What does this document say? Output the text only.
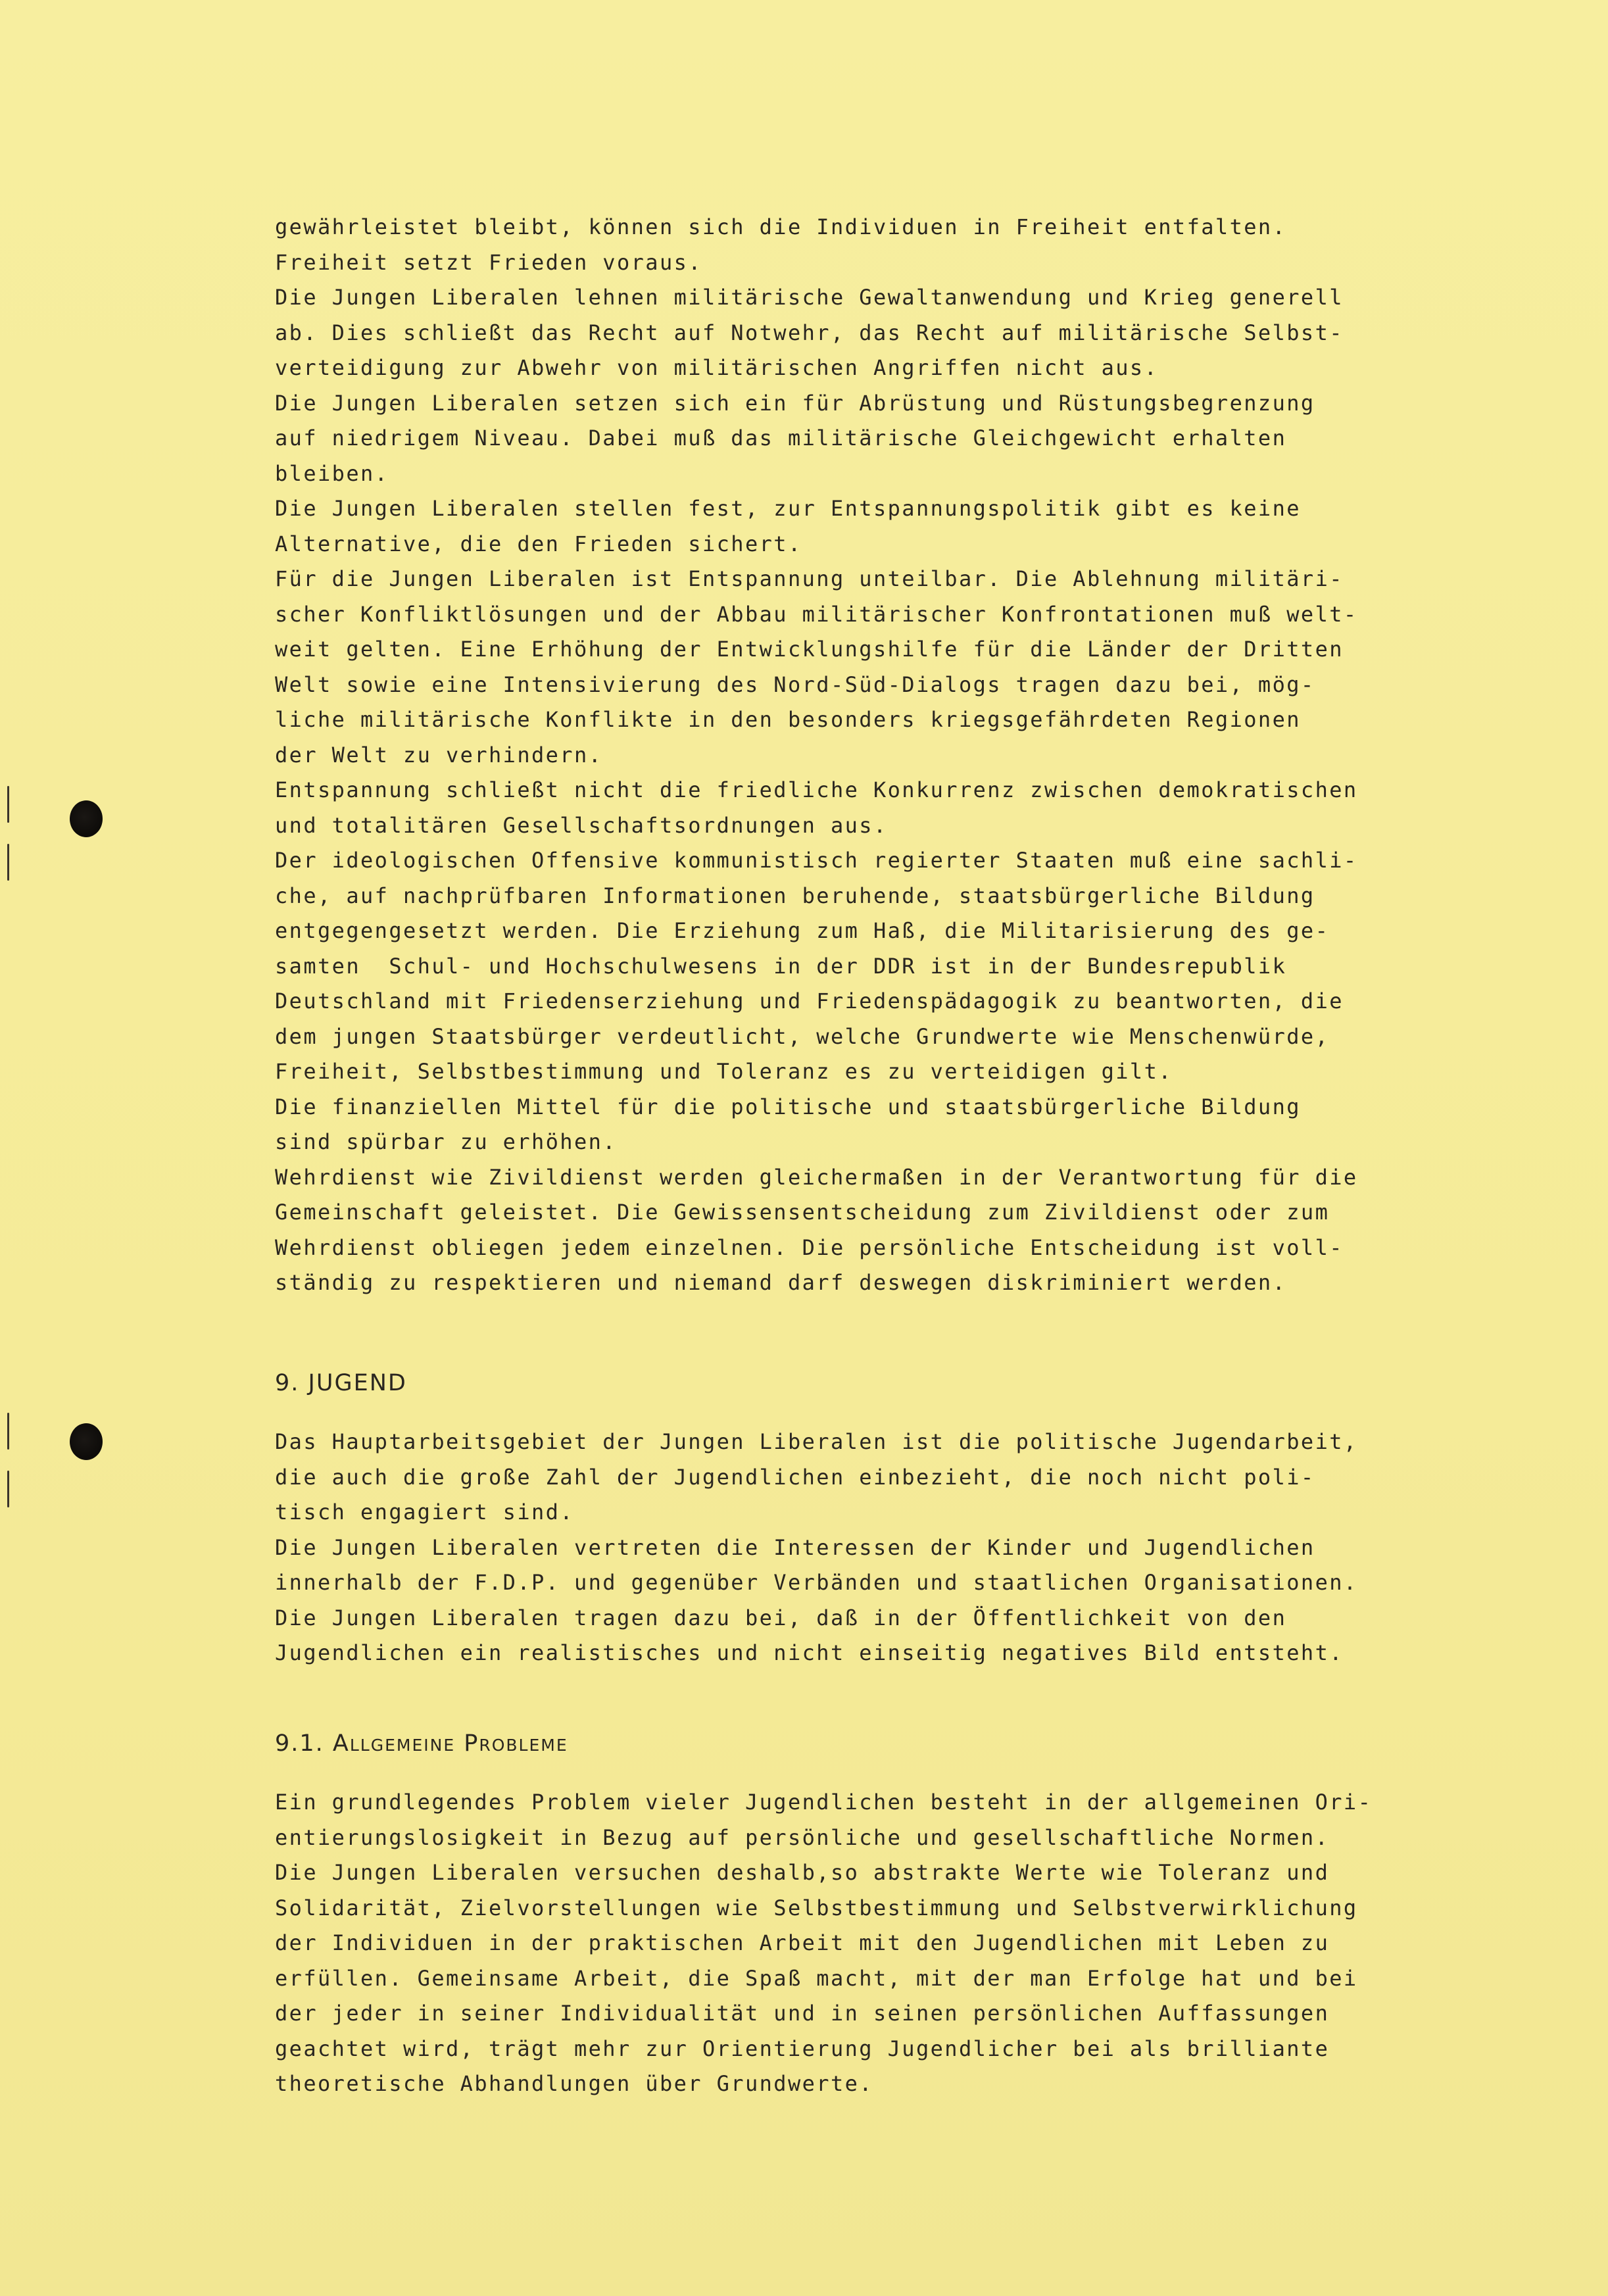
gewährleistet bleibt, können sich die Individuen in Freiheit entfalten.
Freiheit setzt Frieden voraus.
Die Jungen Liberalen lehnen militärische Gewaltanwendung und Krieg generell
ab. Dies schließt das Recht auf Notwehr, das Recht auf militärische Selbst-
verteidigung zur Abwehr von militärischen Angriffen nicht aus.
Die Jungen Liberalen setzen sich ein für Abrüstung und Rüstungsbegrenzung
auf niedrigem Niveau. Dabei muß das militärische Gleichgewicht erhalten
bleiben.
Die Jungen Liberalen stellen fest, zur Entspannungspolitik gibt es keine
Alternative, die den Frieden sichert.
Für die Jungen Liberalen ist Entspannung unteilbar. Die Ablehnung militäri-
scher Konfliktlösungen und der Abbau militärischer Konfrontationen muß welt-
weit gelten. Eine Erhöhung der Entwicklungshilfe für die Länder der Dritten
Welt sowie eine Intensivierung des Nord-Süd-Dialogs tragen dazu bei, mög-
liche militärische Konflikte in den besonders kriegsgefährdeten Regionen
der Welt zu verhindern.
Entspannung schließt nicht die friedliche Konkurrenz zwischen demokratischen
und totalitären Gesellschaftsordnungen aus.
Der ideologischen Offensive kommunistisch regierter Staaten muß eine sachli-
che, auf nachprüfbaren Informationen beruhende, staatsbürgerliche Bildung
entgegengesetzt werden. Die Erziehung zum Haß, die Militarisierung des ge-
samten  Schul- und Hochschulwesens in der DDR ist in der Bundesrepublik
Deutschland mit Friedenserziehung und Friedenspädagogik zu beantworten, die
dem jungen Staatsbürger verdeutlicht, welche Grundwerte wie Menschenwürde,
Freiheit, Selbstbestimmung und Toleranz es zu verteidigen gilt.
Die finanziellen Mittel für die politische und staatsbürgerliche Bildung
sind spürbar zu erhöhen.
Wehrdienst wie Zivildienst werden gleichermaßen in der Verantwortung für die
Gemeinschaft geleistet. Die Gewissensentscheidung zum Zivildienst oder zum
Wehrdienst obliegen jedem einzelnen. Die persönliche Entscheidung ist voll-
ständig zu respektieren und niemand darf deswegen diskriminiert werden.
9. JUGEND
Das Hauptarbeitsgebiet der Jungen Liberalen ist die politische Jugendarbeit,
die auch die große Zahl der Jugendlichen einbezieht, die noch nicht poli-
tisch engagiert sind.
Die Jungen Liberalen vertreten die Interessen der Kinder und Jugendlichen
innerhalb der F.D.P. und gegenüber Verbänden und staatlichen Organisationen.
Die Jungen Liberalen tragen dazu bei, daß in der Öffentlichkeit von den
Jugendlichen ein realistisches und nicht einseitig negatives Bild entsteht.
9.1. Allgemeine Probleme
Ein grundlegendes Problem vieler Jugendlichen besteht in der allgemeinen Ori-
entierungslosigkeit in Bezug auf persönliche und gesellschaftliche Normen.
Die Jungen Liberalen versuchen deshalb,so abstrakte Werte wie Toleranz und
Solidarität, Zielvorstellungen wie Selbstbestimmung und Selbstverwirklichung
der Individuen in der praktischen Arbeit mit den Jugendlichen mit Leben zu
erfüllen. Gemeinsame Arbeit, die Spaß macht, mit der man Erfolge hat und bei
der jeder in seiner Individualität und in seinen persönlichen Auffassungen
geachtet wird, trägt mehr zur Orientierung Jugendlicher bei als brilliante
theoretische Abhandlungen über Grundwerte.
